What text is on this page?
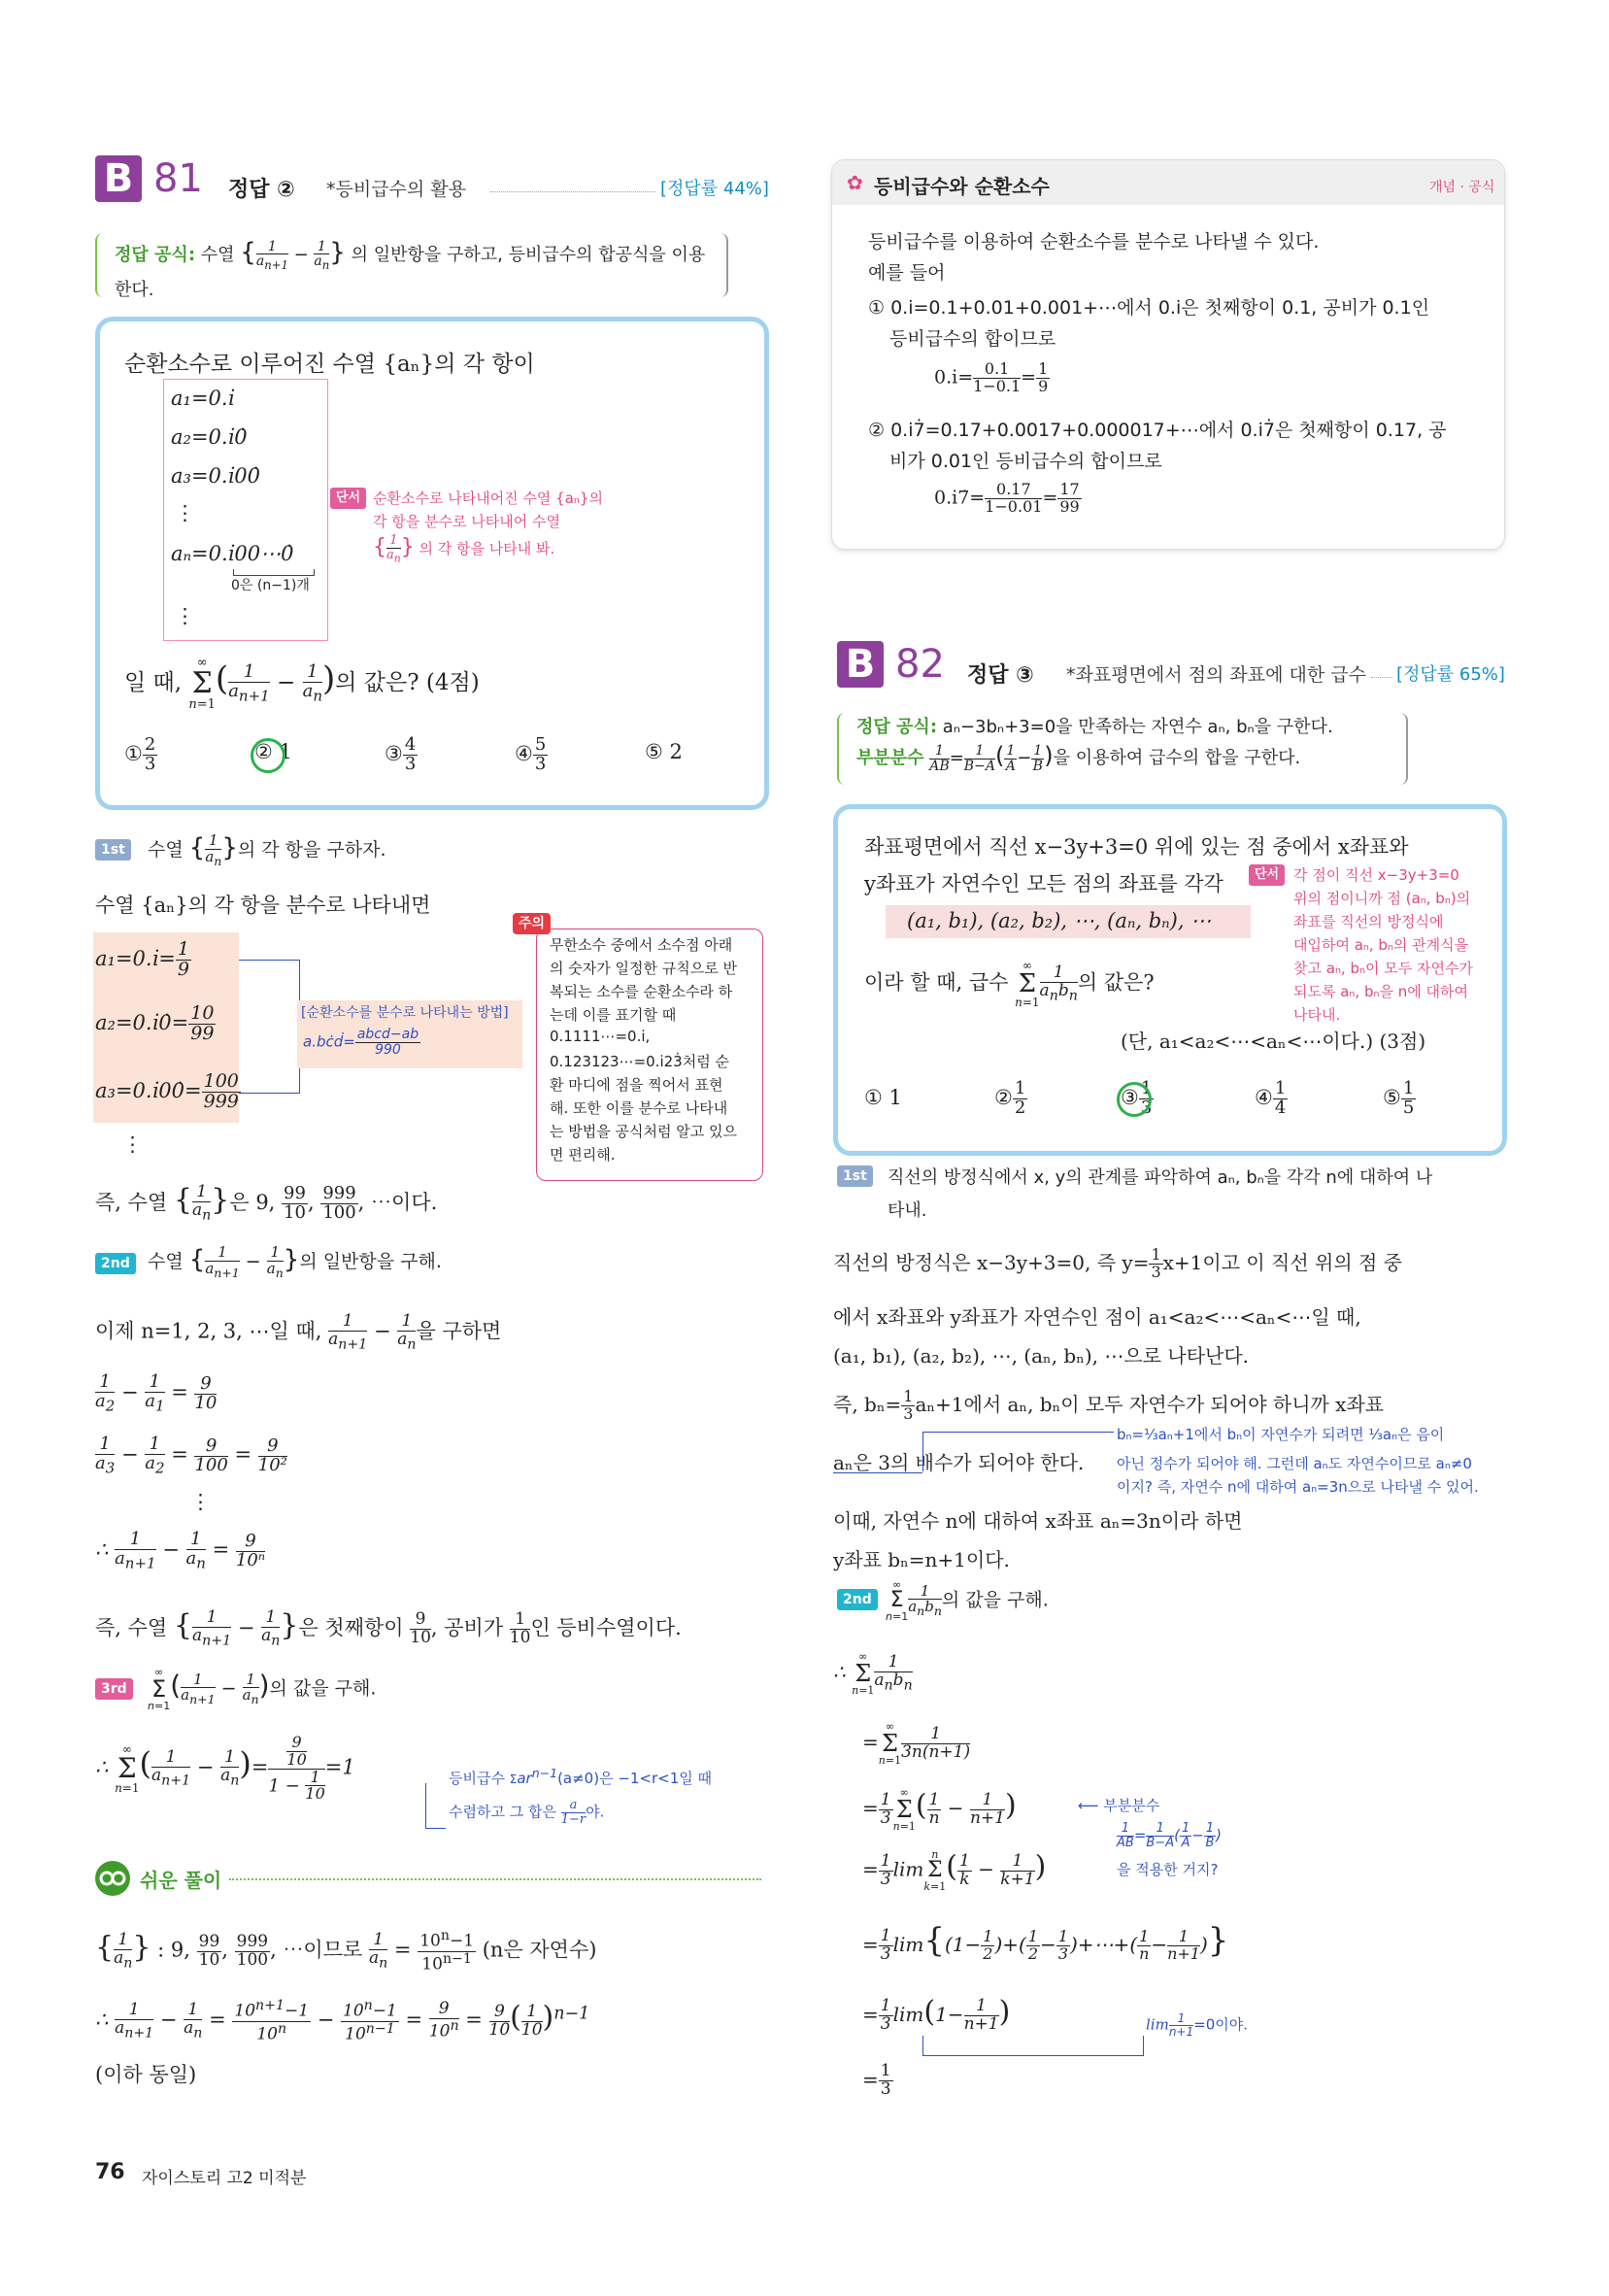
B 81 정답 ② *등비급수의 활용	[정답률 44%]
정답 공식: 수열 { $\frac{1}{a_{n+1}} - \frac{1}{a_n}$ } 의 일반항을 구하고, 등비급수의 합공식을 이용
한다.
순환소수로 이루어진 수열 {aₙ}의 각 항이
a₁=0.i̇
a₂=0.i̇0̇
a₃=0.i̇00̇
⋮
aₙ=0.i̇00⋯0̇
0은 (n−1)개
⋮
단서 순환소수로 나타내어진 수열 {aₙ}의
각 항을 분수로 나타내어 수열
{ $\frac{1}{a_n}$ } 의 각 항을 나타내 봐.
일 때, ∞
Σ
$n=1( \frac{1}{a_{n+1}} - \frac{1}{a_n}$ )의 값은? (4점)
① $\frac{2}{3}$	② 1	③ $\frac{4}{3}$	④ $\frac{5}{3}$	⑤ 2
1st	수열 { $\frac{1}{a_n}$ }의 각 항을 구하자.
수열 {aₙ}의 각 항을 분수로 나타내면
a₁=0.i̇= $\frac{1}{9}$
a₂=0.i̇0̇= $\frac{10}{99}$
a₃=0.i̇00̇= $\frac{100}{999}$
⋮
[순환소수를 분수로 나타내는 방법]
a.bċḋ= $\frac{\text{abcd−ab}}{990}$
주의
무한소수 중에서 소수점 아래
의 숫자가 일정한 규칙으로 반
복되는 소수를 순환소수라 하
는데 이를 표기할 때
0.1111⋯=0.i̇,
0.123123⋯=0.i̇23̇처럼 순
환 마디에 점을 찍어서 표현
해. 또한 이를 분수로 나타내
는 방법을 공식처럼 알고 있으
면 편리해.
즉, 수열 { $\frac{1}{a_n}$ }은 9, $\frac{99}{10}$ , $\frac{999}{100}$ , ⋯이다.
2nd 수열 { $\frac{1}{a_{n+1}} - \frac{1}{a_n}$ }의 일반항을 구해.
이제 n=1, 2, 3, ⋯일 때, $\frac{1}{a_{n+1}} - \frac{1}{a_n}$ 을 구하면
$\frac{1}{a_2} - \frac{1}{a_1} = \frac{9}{10}$
$\frac{1}{a_3} - \frac{1}{a_2} = \frac{9}{100} = \frac{9}{\text{10²}}$
⋮
∴ $\frac{1}{a_{n+1}} - \frac{1}{a_n} = \frac{9}{\text{10ⁿ}}$
즉, 수열 { $\frac{1}{a_{n+1}} - \frac{1}{a_n}$ }은 첫째항이 $\frac{9}{10}$ , 공비가 $\frac{1}{10}$ 인 등비수열이다.
3rd
∞
Σ
$n=1( \frac{1}{a_{n+1}} - \frac{1}{a_n}$ )의 값을 구해.
∴ ∞
Σ
$n=1( \frac{1}{a_{n+1}} - \frac{1}{a_n}$ )= $\frac{\frac{9}{10}}{1 - \frac{1}{10}} =1$	등비급수 Σar$^{n-1}$(a≠0)은 −1<r<1일 때
수렴하고 그 합은 $\frac{a}{1-r}$ 야.
쉬운 풀이
{ $\frac{1}{a_n}$ } : 9, $\frac{99}{10}$ , $\frac{999}{100}$ , ⋯이므로 $\frac{1}{a_n} = \frac{10^n-1}{10^{n-1}} (n$은 자연수)
∴ $\frac{1}{a_{n+1}} - \frac{1}{a_n} = \frac{10^{n+1}-1}{10^n} - \frac{10^n-1}{10^{n-1}} = \frac{9}{10^n} = \frac{9}{10}$ ( $\frac{1}{10} )^{n-1}$
(이하 동일)
✿ 등비급수와 순환소수	개념 · 공식
등비급수를 이용하여 순환소수를 분수로 나타낼 수 있다.
예를 들어
① 0.i̇=0.1+0.01+0.001+⋯에서 0.i̇은 첫째항이 0.1, 공비가 0.1인
등비급수의 합이므로
0.i̇= $\frac{0.1}{1-0.1} = \frac{1}{9}$
② 0.i̇7̇=0.17+0.0017+0.000017+⋯에서 0.i̇7̇은 첫째항이 0.17, 공
비가 0.01인 등비급수의 합이므로
0.i̇7̇= $\frac{0.17}{1-0.01} = \frac{17}{99}$
B 82 정답 ③ *좌표평면에서 점의 좌표에 대한 급수 [정답률 65%]
정답 공식: aₙ−3bₙ+3=0을 만족하는 자연수 aₙ, bₙ을 구한다.
부분분수 $\frac{1}{AB} = \frac{1}{B-A}$ ( $\frac{1}{A} - \frac{1}{B}$ )을 이용하여 급수의 합을 구한다.
좌표평면에서 직선 x−3y+3=0 위에 있는 점 중에서 x좌표와
y좌표가 자연수인 모든 점의 좌표를 각각
(a₁, b₁), (a₂, b₂), ⋯, (aₙ, bₙ), ⋯
이라 할 때, 급수 ∞
Σ
$n=1 \frac{1}{a_nb_n}$ 의 값은?
(단, a₁<a₂<⋯<aₙ<⋯이다.) (3점)
단서 각 점이 직선 x−3y+3=0
위의 점이니까 점 (aₙ, bₙ)의
좌표를 직선의 방정식에
대입하여 aₙ, bₙ의 관계식을
찾고 aₙ, bₙ이 모두 자연수가
되도록 aₙ, bₙ을 n에 대하여
나타내.
① 1	② $\frac{1}{2}$	③ $\frac{1}{3}$	④ $\frac{1}{4}$	⑤ $\frac{1}{5}$
1st	직선의 방정식에서 x, y의 관계를 파악하여 aₙ, bₙ을 각각 n에 대하여 나
타내.
직선의 방정식은 x−3y+3=0, 즉 $y= \frac{1}{3} x+1$이고 이 직선 위의 점 중
에서 x좌표와 y좌표가 자연수인 점이 a₁<a₂<⋯<aₙ<⋯일 때,
(a₁, b₁), (a₂, b₂), ⋯, (aₙ, bₙ), ⋯으로 나타난다.
즉, $b_n= \frac{1}{3} a_n+1$에서 aₙ, bₙ이 모두 자연수가 되어야 하니까 x좌표
aₙ은 3의 배수가 되어야 한다.
bₙ=⅓aₙ+1에서 bₙ이 자연수가 되려면 ⅓aₙ은 음이
아닌 정수가 되어야 해. 그런데 aₙ도 자연수이므로 aₙ≠0
이지? 즉, 자연수 n에 대하여 aₙ=3n으로 나타낼 수 있어.
이때, 자연수 n에 대하여 x좌표 aₙ=3n이라 하면
y좌표 bₙ=n+1이다.
2nd
∞
Σ
$n=1 \frac{1}{a_nb_n}$ 의 값을 구해.
∴ ∞
Σ
$n=1 \frac{1}{a_nb_n}$
=∞
Σ
$n=1 \frac{1}{3n(n+1)}$
= $\frac{1}{3}$ ∞
Σ
$n=1( \frac{1}{n} - \frac{1}{n+1}$ )	⟵ 부분분수
$\frac{1}{AB} = \frac{1}{B-A}$ ( $\frac{1}{A} - \frac{1}{B}$ )
을 적용한 거지?
= $\frac{1}{3}$ limn
Σ
$k=1( \frac{1}{k} - \frac{1}{k+1}$ )
= $\frac{1}{3} \lim\{(1- \frac{1}{2}$ )+( $\frac{1}{2} - \frac{1}{3}$ )+⋯+( $\frac{1}{n} - \frac{1}{n+1}$ )}
= $\frac{1}{3} \lim(1- \frac{1}{n+1}$ )	$\lim \frac{1}{n+1} =0$이야.
= $\frac{1}{3}$
76 자이스토리 고2 미적분
